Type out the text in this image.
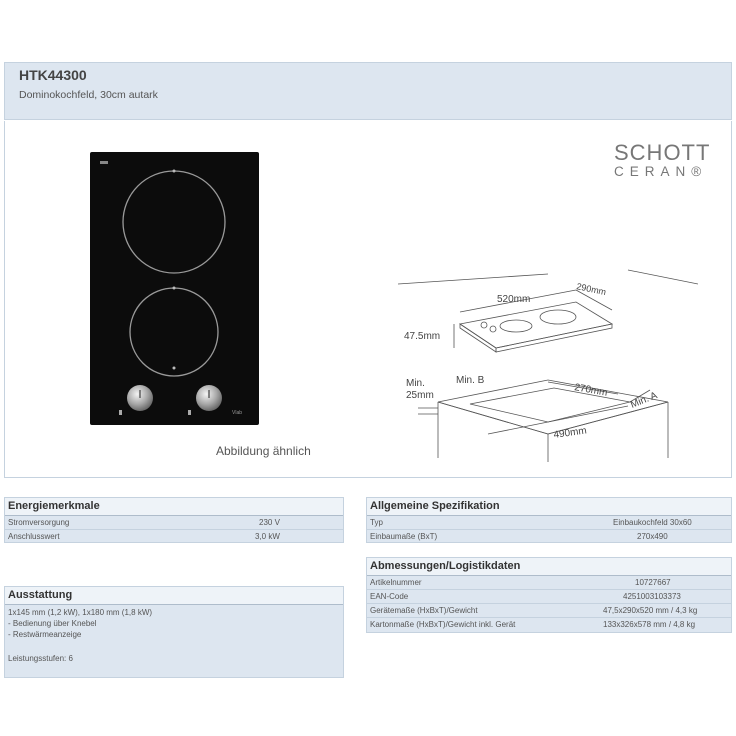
HTK44300
Dominokochfeld, 30cm autark
Vlab
Abbildung ähnlich
SCHOTT
CERAN®
520mm
290mm
47.5mm
Min.
25mm
Min. B
270mm Min. A
490mm
Energiemerkmale
Stromversorgung	230 V
Anschlusswert	3,0 kW
Ausstattung
1x145 mm (1,2 kW), 1x180 mm (1,8 kW)
- Bedienung über Knebel
- Restwärmeanzeige
Leistungsstufen: 6
Allgemeine Spezifikation
Typ	Einbaukochfeld 30x60
Einbaumaße (BxT)	270x490
Abmessungen/Logistikdaten
Artikelnummer	10727667
EAN-Code	4251003103373
Gerätemaße (HxBxT)/Gewicht	47,5x290x520 mm / 4,3 kg
Kartonmaße (HxBxT)/Gewicht inkl. Gerät	133x326x578 mm / 4,8 kg
